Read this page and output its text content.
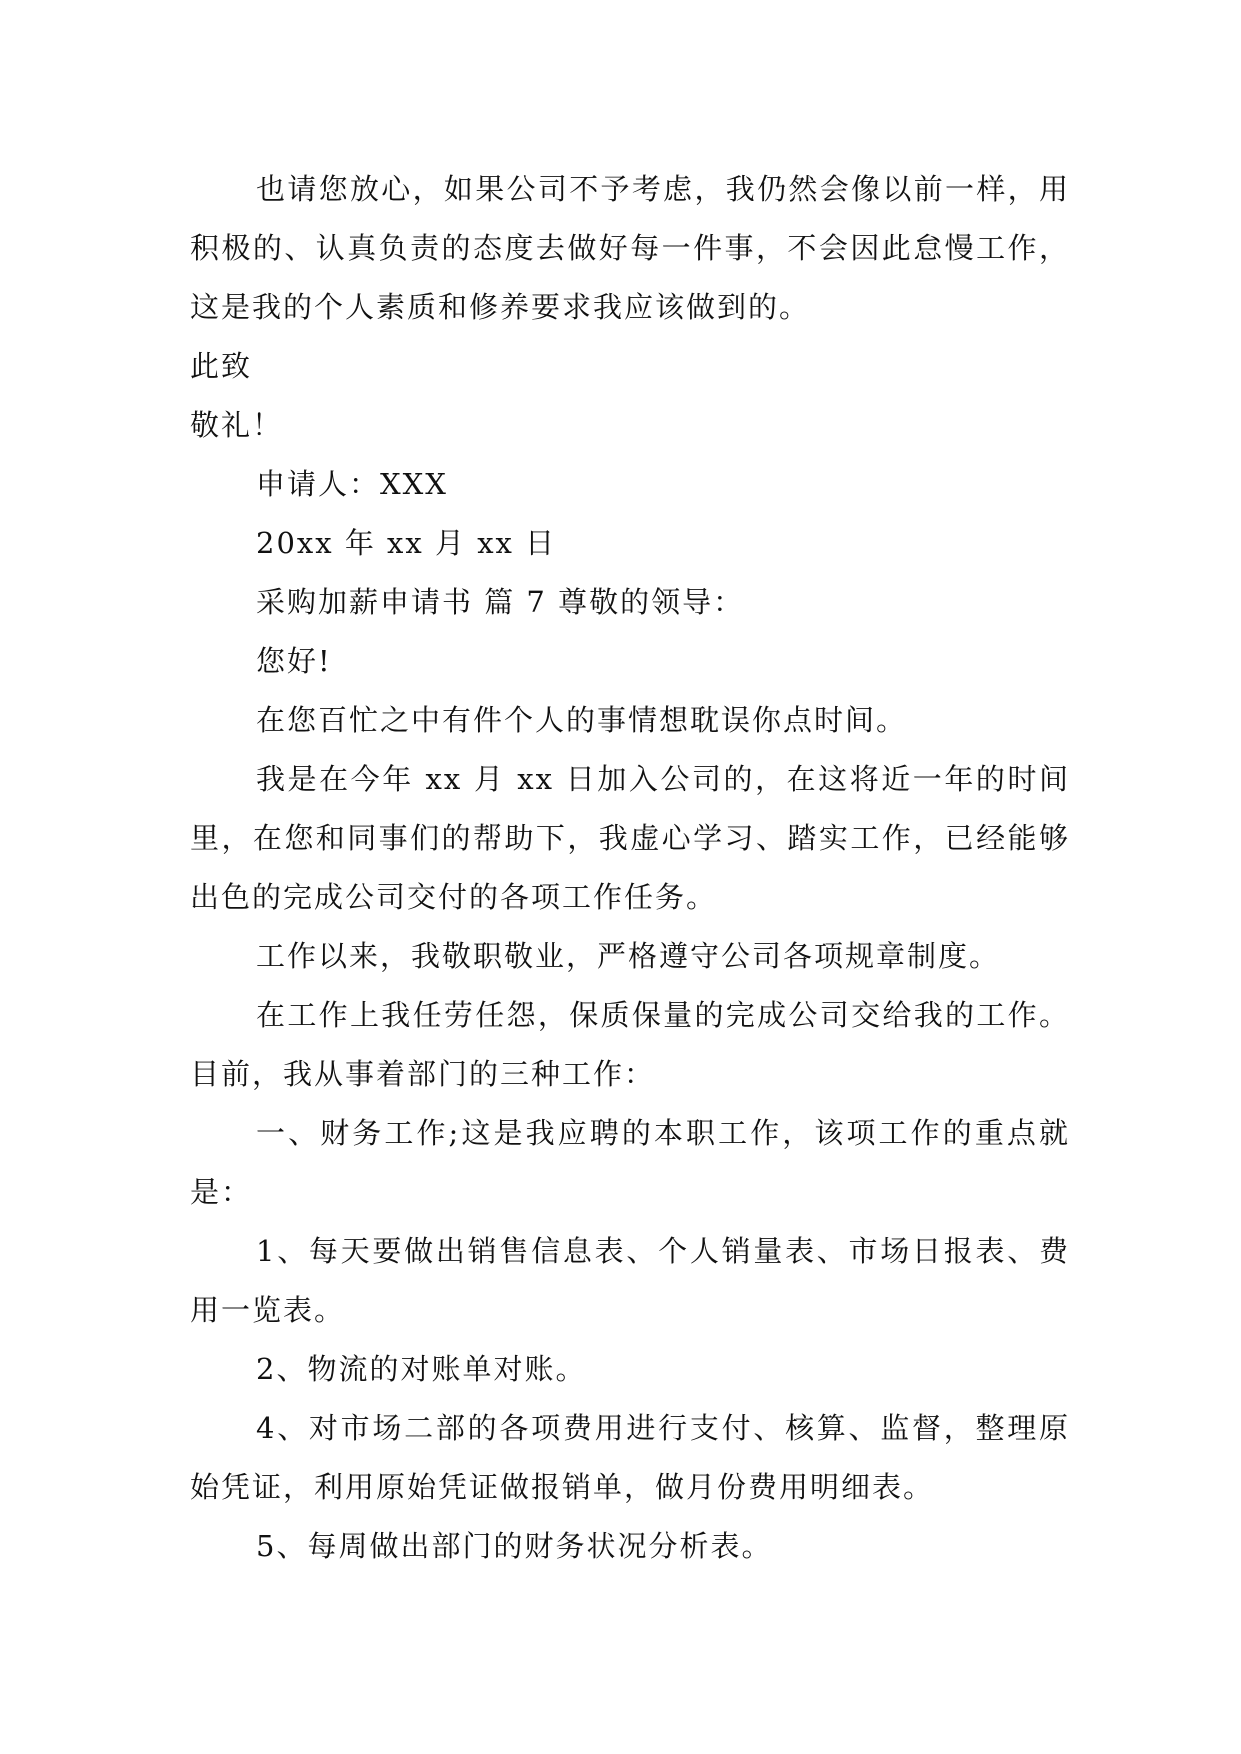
也请您放心，如果公司不予考虑，我仍然会像以前一样，用积极的、认真负责的态度去做好每一件事，不会因此怠慢工作，这是我的个人素质和修养要求我应该做到的。

此致

敬礼！

申请人：XXX

20xx 年 xx 月 xx 日

采购加薪申请书 篇 7 尊敬的领导：

您好!

在您百忙之中有件个人的事情想耽误你点时间。

我是在今年 xx 月 xx 日加入公司的，在这将近一年的时间里，在您和同事们的帮助下，我虚心学习、踏实工作，已经能够出色的完成公司交付的各项工作任务。

工作以来，我敬职敬业，严格遵守公司各项规章制度。

在工作上我任劳任怨，保质保量的完成公司交给我的工作。目前，我从事着部门的三种工作：

一、财务工作;这是我应聘的本职工作，该项工作的重点就是：

1、每天要做出销售信息表、个人销量表、市场日报表、费用一览表。

2、物流的对账单对账。

4、对市场二部的各项费用进行支付、核算、监督，整理原始凭证，利用原始凭证做报销单，做月份费用明细表。

5、每周做出部门的财务状况分析表。
